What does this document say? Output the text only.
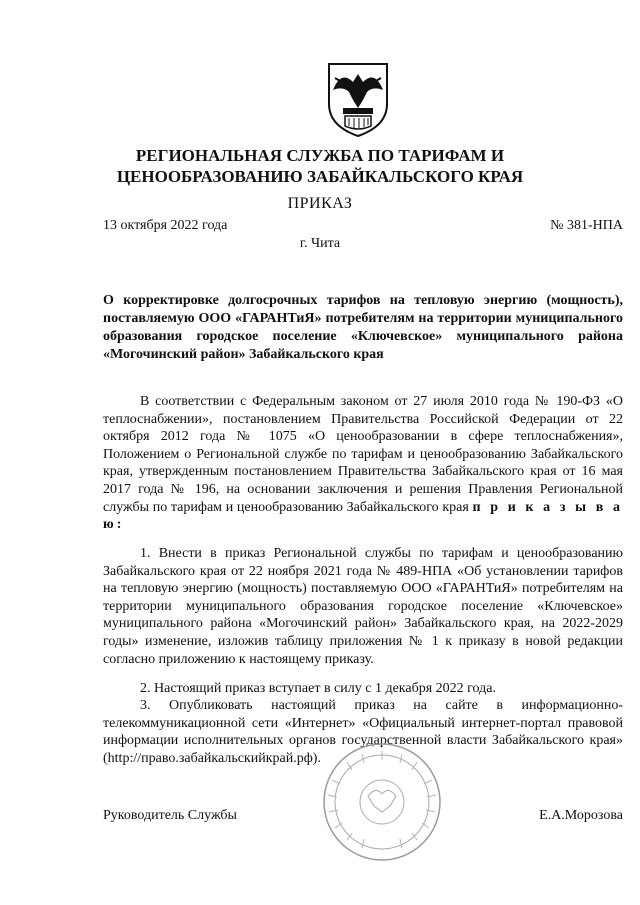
РЕГИОНАЛЬНАЯ СЛУЖБА ПО ТАРИФАМ И
ЦЕНООБРАЗОВАНИЮ ЗАБАЙКАЛЬСКОГО КРАЯ
ПРИКАЗ
13 октября 2022 года	№ 381-НПА
г. Чита
О корректировке долгосрочных тарифов на тепловую энергию (мощность), поставляемую ООО «ГАРАНТиЯ» потребителям на территории муниципального образования городское поселение «Ключевское» муниципального района «Могочинский район» Забайкальского края
В соответствии с Федеральным законом от 27 июля 2010 года № 190-ФЗ «О теплоснабжении», постановлением Правительства Российской Федерации от 22 октября 2012 года № 1075 «О ценообразовании в сфере теплоснабжения», Положением о Региональной службе по тарифам и ценообразованию Забайкальского края, утвержденным постановлением Правительства Забайкальского края от 16 мая 2017 года № 196, на основании заключения и решения Правления Региональной службы по тарифам и ценообразованию Забайкальского края п р и к а з ы в а ю:
1. Внести в приказ Региональной службы по тарифам и ценообразованию Забайкальского края от 22 ноября 2021 года № 489-НПА «Об установлении тарифов на тепловую энергию (мощность) поставляемую ООО «ГАРАНТиЯ» потребителям на территории муниципального образования городское поселение «Ключевское» муниципального района «Могочинский район» Забайкальского края, на 2022-2029 годы» изменение, изложив таблицу приложения № 1 к приказу в новой редакции согласно приложению к настоящему приказу.
2. Настоящий приказ вступает в силу с 1 декабря 2022 года.
3. Опубликовать настоящий приказ на сайте в информационно-телекоммуникационной сети «Интернет» «Официальный интернет-портал правовой информации исполнительных органов государственной власти Забайкальского края» (http://право.забайкальскийкрай.рф).
Руководитель Службы	Е.А.Морозова
